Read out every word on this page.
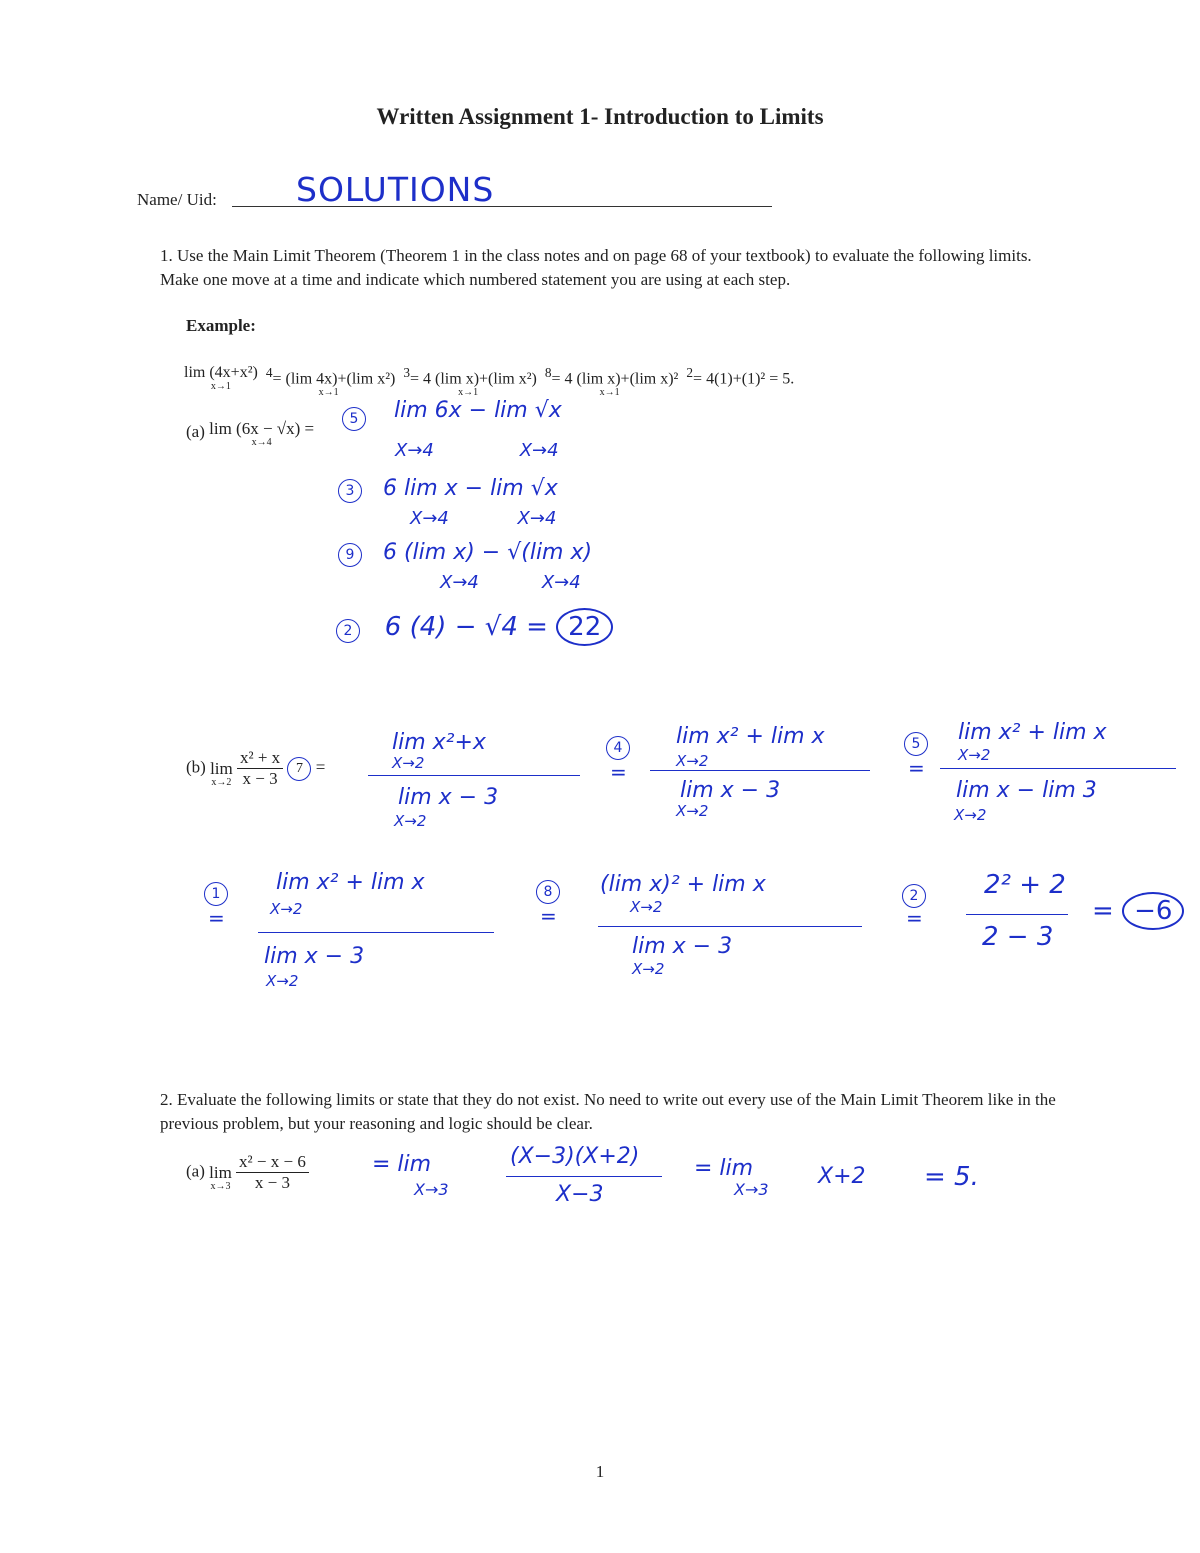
Written Assignment 1- Introduction to Limits
Name/ Uid: SOLUTIONS
1. Use the Main Limit Theorem (Theorem 1 in the class notes and on page 68 of your textbook) to evaluate the following limits. Make one move at a time and indicate which numbered statement you are using at each step.
Example:
lim (4x+x²)
x→1
$^4$= (lim 4x)+(lim x²)
x→1
$^3$= 4 (lim x)+(lim x²)
x→1
$^8$= 4 (lim x)+(lim x)²
x→1
$^2$= 4(1)+(1)² = 5.
(a) lim (6x − √x) =
x→4
5 lim 6x − lim √x
X→4	X→4
3 6 lim x − lim √x
X→4	X→4
9 6 (lim x) − √(lim x)
X→4	X→4
2 6 (4) − √4 = 22
(b) lim
x→2
$\frac{\text{x² + x}}{x - 3} 7$ =
lim x²+x
X→2
lim x − 3
X→2
4
=
lim x² + lim x
X→2
lim x − 3
X→2
5
=
lim x² + lim x
X→2
lim x − lim 3
X→2
1
=
lim x² + lim x
X→2
lim x − 3
X→2
8
=
(lim x)² + lim x
X→2
lim x − 3
X→2
2
=
2² + 2
2 − 3
= −6
2. Evaluate the following limits or state that they do not exist. No need to write out every use of the Main Limit Theorem like in the previous problem, but your reasoning and logic should be clear.
(a) lim
x→3
$\frac{\text{x² − x − 6}}{x - 3}$	= lim
X→3
(X−3)(X+2)
X−3
= lim
X→3
X+2 = 5.
1
